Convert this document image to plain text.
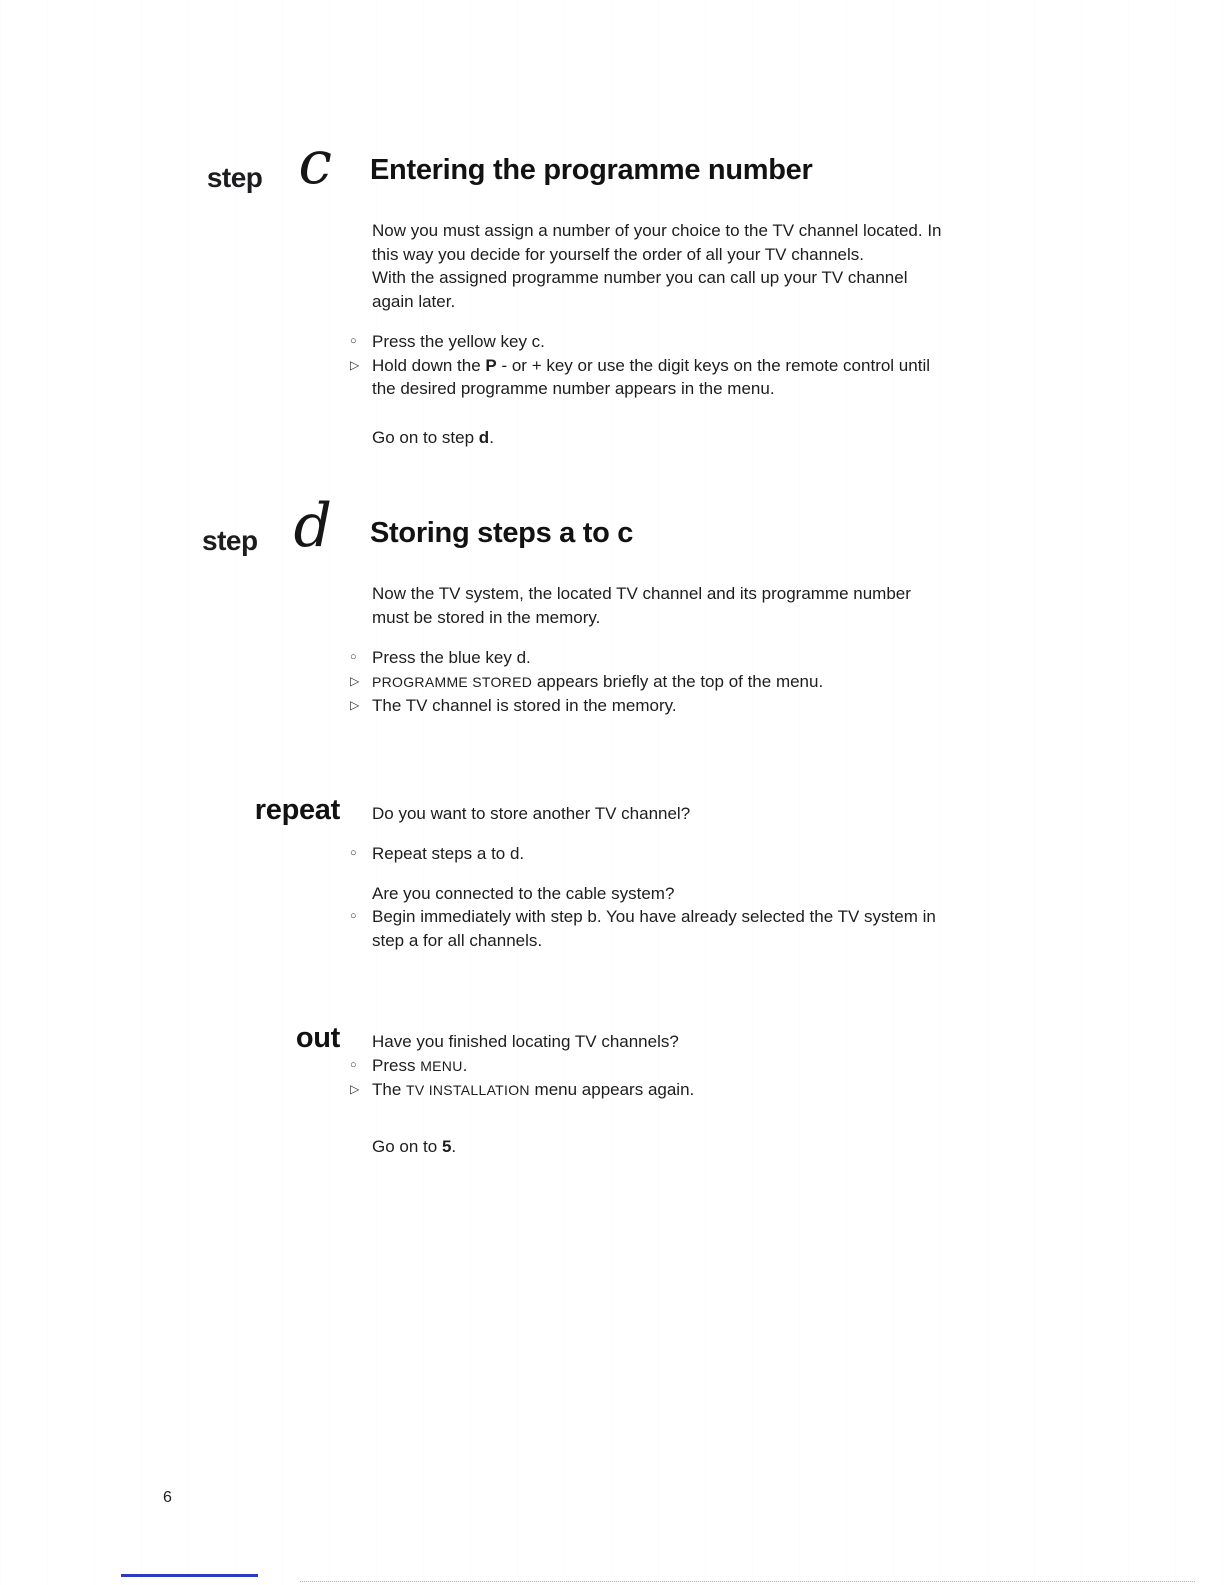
step c Entering the programme number

Now you must assign a number of your choice to the TV channel located. In this way you decide for yourself the order of all your TV channels.

With the assigned programme number you can call up your TV channel again later.

○ Press the yellow key c.
▷ Hold down the P - or + key or use the digit keys on the remote control until the desired programme number appears in the menu.

Go on to step d.

step d Storing steps a to c

Now the TV system, the located TV channel and its programme number must be stored in the memory.

○ Press the blue key d.
▷ PROGRAMME STORED appears briefly at the top of the menu.
▷ The TV channel is stored in the memory.
repeat	Do you want to store another TV channel?

○ Repeat steps a to d.

Are you connected to the cable system?

○ Begin immediately with step b. You have already selected the TV system in step a for all channels.
out	Have you finished locating TV channels?

○ Press MENU.
▷ The TV INSTALLATION menu appears again.

Go on to 5.

6
